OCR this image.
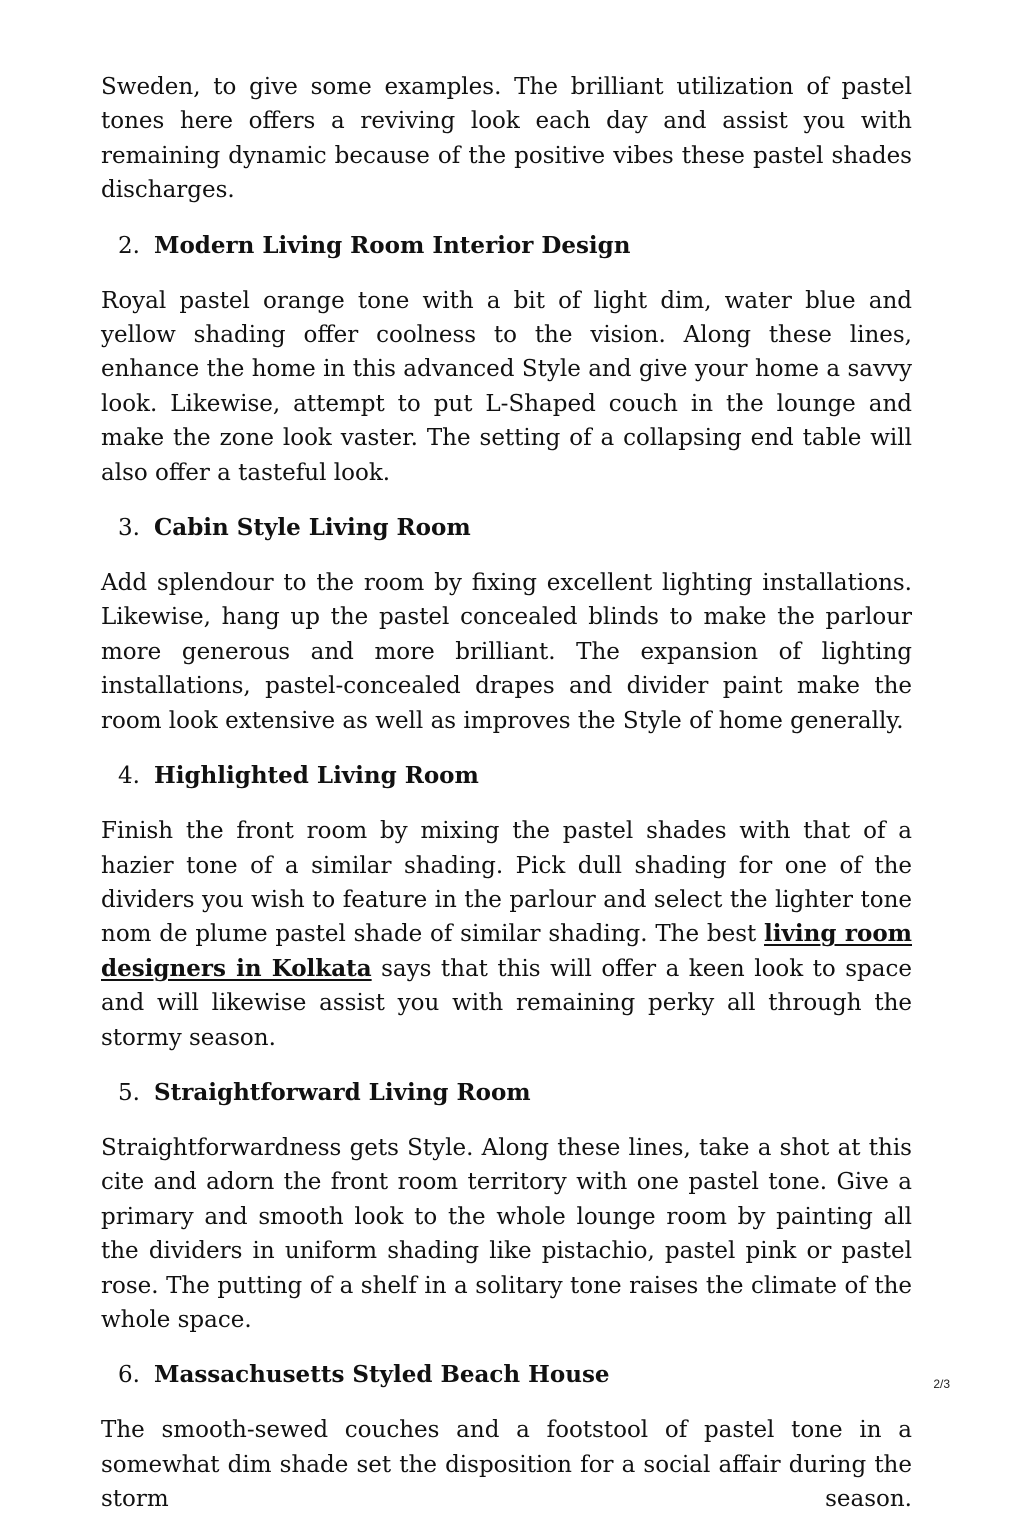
Sweden, to give some examples. The brilliant utilization of pastel tones here offers a reviving look each day and assist you with remaining dynamic because of the positive vibes these pastel shades discharges.

2. Modern Living Room Interior Design

Royal pastel orange tone with a bit of light dim, water blue and yellow shading offer coolness to the vision. Along these lines, enhance the home in this advanced Style and give your home a savvy look. Likewise, attempt to put L-Shaped couch in the lounge and make the zone look vaster. The setting of a collapsing end table will also offer a tasteful look.

3. Cabin Style Living Room

Add splendour to the room by fixing excellent lighting installations. Likewise, hang up the pastel concealed blinds to make the parlour more generous and more brilliant. The expansion of lighting installations, pastel-concealed drapes and divider paint make the room look extensive as well as improves the Style of home generally.

4. Highlighted Living Room

Finish the front room by mixing the pastel shades with that of a hazier tone of a similar shading. Pick dull shading for one of the dividers you wish to feature in the parlour and select the lighter tone nom de plume pastel shade of similar shading. The best living room designers in Kolkata says that this will offer a keen look to space and will likewise assist you with remaining perky all through the stormy season.

5. Straightforward Living Room

Straightforwardness gets Style. Along these lines, take a shot at this cite and adorn the front room territory with one pastel tone. Give a primary and smooth look to the whole lounge room by painting all the dividers in uniform shading like pistachio, pastel pink or pastel rose. The putting of a shelf in a solitary tone raises the climate of the whole space.

6. Massachusetts Styled Beach House

The smooth-sewed couches and a footstool of pastel tone in a somewhat dim shade set the disposition for a social affair during the storm season.

2/3
